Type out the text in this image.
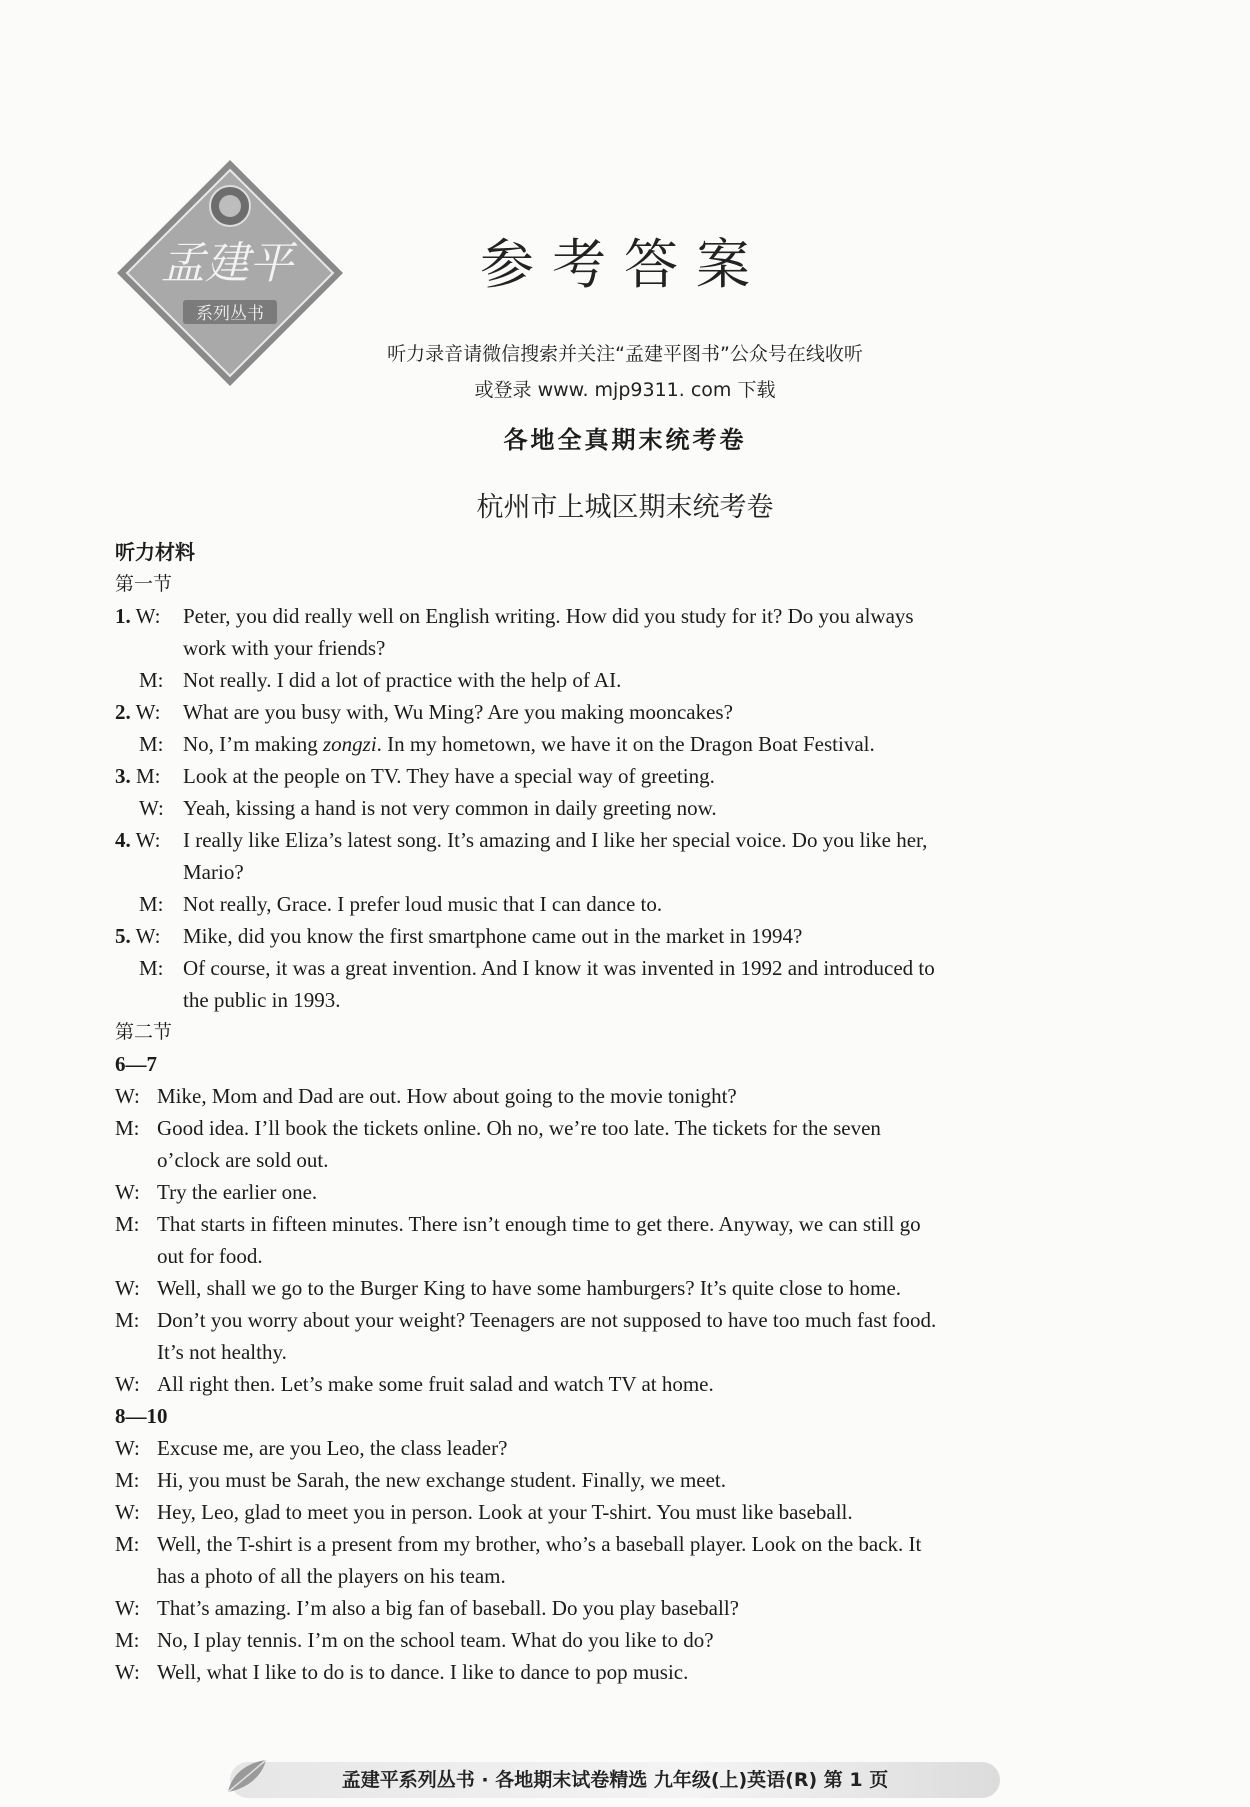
孟建平
系列丛书
参考答案
听力录音请微信搜索并关注“孟建平图书”公众号在线收听
或登录 www. mjp9311. com 下载
各地全真期末统考卷
杭州市上城区期末统考卷
听力材料
第一节
1. W: Peter, you did really well on English writing. How did you study for it? Do you always
work with your friends?
M: Not really. I did a lot of practice with the help of AI.
2. W: What are you busy with, Wu Ming? Are you making mooncakes?
M: No, I’m making zongzi. In my hometown, we have it on the Dragon Boat Festival.
3. M: Look at the people on TV. They have a special way of greeting.
W: Yeah, kissing a hand is not very common in daily greeting now.
4. W: I really like Eliza’s latest song. It’s amazing and I like her special voice. Do you like her,
Mario?
M: Not really, Grace. I prefer loud music that I can dance to.
5. W: Mike, did you know the first smartphone came out in the market in 1994?
M: Of course, it was a great invention. And I know it was invented in 1992 and introduced to
the public in 1993.
第二节
6—7
W: Mike, Mom and Dad are out. How about going to the movie tonight?
M: Good idea. I’ll book the tickets online. Oh no, we’re too late. The tickets for the seven
o’clock are sold out.
W: Try the earlier one.
M: That starts in fifteen minutes. There isn’t enough time to get there. Anyway, we can still go
out for food.
W: Well, shall we go to the Burger King to have some hamburgers? It’s quite close to home.
M: Don’t you worry about your weight? Teenagers are not supposed to have too much fast food.
It’s not healthy.
W: All right then. Let’s make some fruit salad and watch TV at home.
8—10
W: Excuse me, are you Leo, the class leader?
M: Hi, you must be Sarah, the new exchange student. Finally, we meet.
W: Hey, Leo, glad to meet you in person. Look at your T-shirt. You must like baseball.
M: Well, the T-shirt is a present from my brother, who’s a baseball player. Look on the back. It
has a photo of all the players on his team.
W: That’s amazing. I’m also a big fan of baseball. Do you play baseball?
M: No, I play tennis. I’m on the school team. What do you like to do?
W: Well, what I like to do is to dance. I like to dance to pop music.
孟建平系列丛书 · 各地期末试卷精选 九年级(上)英语(R) 第 1 页
